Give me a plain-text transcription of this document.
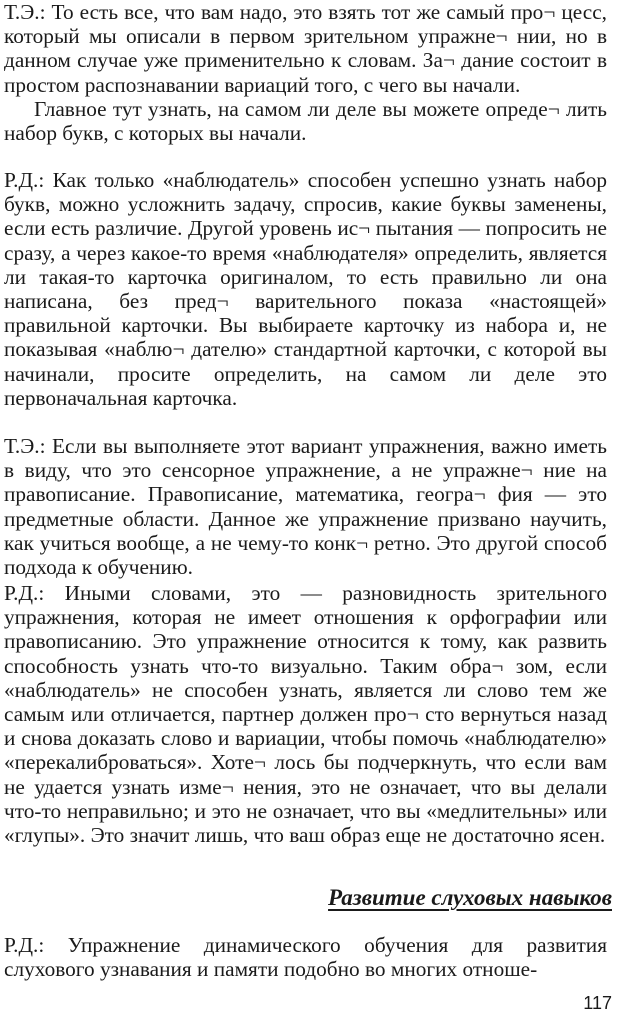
Т.Э.: То есть все, что вам надо, это взять тот же самый про¬ цесс, который мы описали в первом зрительном упражне¬ нии, но в данном случае уже применительно к словам. За¬ дание состоит в простом распознавании вариаций того, с чего вы начали.
Главное тут узнать, на самом ли деле вы можете опреде¬ лить набор букв, с которых вы начали.

Р.Д.: Как только «наблюдатель» способен успешно узнать набор букв, можно усложнить задачу, спросив, какие буквы заменены, если есть различие. Другой уровень ис¬ пытания — попросить не сразу, а через какое-то время «наблюдателя» определить, является ли такая-то карточка оригиналом, то есть правильно ли она написана, без пред¬ варительного показа «настоящей» правильной карточки. Вы выбираете карточку из набора и, не показывая «наблю¬ дателю» стандартной карточки, с которой вы начинали, просите определить, на самом ли деле это первоначальная карточка.

Т.Э.: Если вы выполняете этот вариант упражнения, важно иметь в виду, что это сенсорное упражнение, а не упражне¬ ние на правописание. Правописание, математика, геогра¬ фия — это предметные области. Данное же упражнение призвано научить, как учиться вообще, а не чему-то конк¬ ретно. Это другой способ подхода к обучению.

Р.Д.: Иными словами, это — разновидность зрительного упражнения, которая не имеет отношения к орфографии или правописанию. Это упражнение относится к тому, как развить способность узнать что-то визуально. Таким обра¬ зом, если «наблюдатель» не способен узнать, является ли слово тем же самым или отличается, партнер должен про¬ сто вернуться назад и снова доказать слово и вариации, чтобы помочь «наблюдателю» «перекалиброваться». Хоте¬ лось бы подчеркнуть, что если вам не удается узнать изме¬ нения, это не означает, что вы делали что-то неправильно; и это не означает, что вы «медлительны» или «глупы». Это значит лишь, что ваш образ еще не достаточно ясен.

Развитие слуховых навыков

Р.Д.: Упражнение динамического обучения для развития слухового узнавания и памяти подобно во многих отноше-

117
